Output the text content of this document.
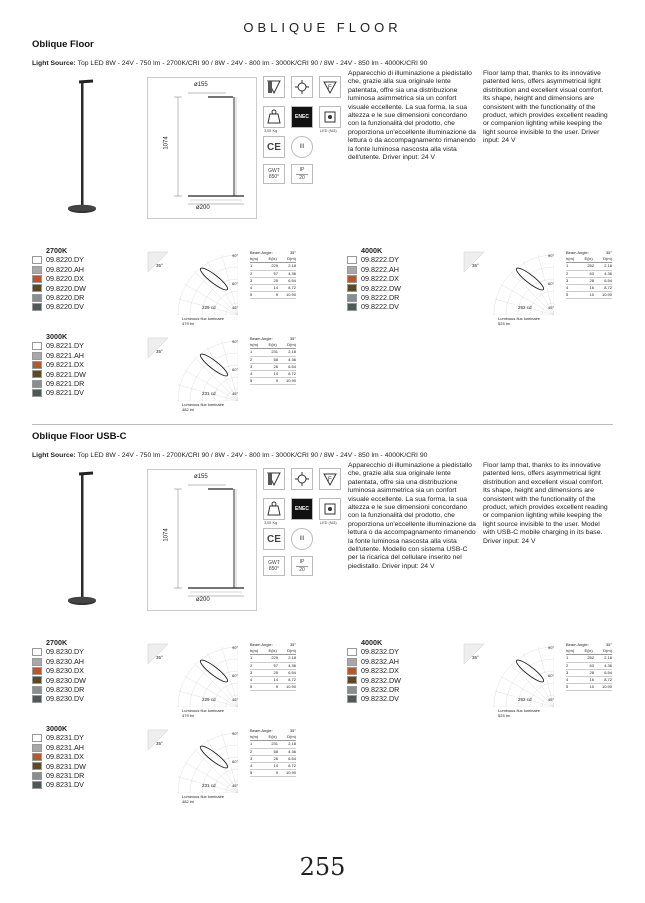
OBLIQUE FLOOR
Oblique Floor
Light Source: Top LED 8W - 24V - 750 lm - 2700K/CRI 90 / 8W - 24V - 800 lm - 3000K/CRI 90 / 8W - 24V - 850 lm - 4000K/CRI 90
ø155
1074
ø200
F
ENEC
CE	III
3,05 Kg	LED (Ni3)
GWT
850°
IP
20
Apparecchio di illuminazione a piedistallo che, grazie alla sua originale lente patentata, offre sia una distribuzione luminosa asimmetrica sia un confort visuale eccellente. La sua forma, la sua altezza e le sue dimensioni concordano con la funzionalità del prodotto, che proporziona un'eccellente illuminazione da lettura o da accompagnamento rimanendo la fonte luminosa nascosta alla vista dell'utente. Driver input: 24 V
Floor lamp that, thanks to its innovative patented lens, offers asymmetrical light distribution and excellent visual comfort. Its shape, height and dimensions are consistent with the functionality of the product, which provides excellent reading or companion lighting while keeping the light source invisible to the user. Driver input: 24 V
2700K
09.8220.DY
09.8220.AH
09.8220.DX
09.8220.DW
09.8220.DR
09.8220.DV
35°
90°
60°
45°
229 cd
Luminous flux luminaire
479 lm
Beam Angle:	35°
h(m)	E(lx)	D(m)
1	229	2.18
2	57	4.36
3	25	6.54
4	14	8.72
5	9 10.90
4000K
09.8222.DY
09.8222.AH
09.8222.DX
09.8222.DW
09.8222.DR
09.8222.DV
35°
90°
60°
45°
252 cd
Luminous flux luminaire
525 lm
Beam Angle:	35°
h(m)	E(lx)	D(m)
1	252	2.18
2	63	4.36
3	28	6.54
4	16	8.72
5	10 10.90
3000K
09.8221.DY
09.8221.AH
09.8221.DX
09.8221.DW
09.8221.DR
09.8221.DV
35°
90°
60°
45°
231 cd
Luminous flux luminaire
482 lm
Beam Angle:	35°
h(m)	E(lx)	D(m)
1	231	2.18
2	58	4.36
3	26	6.54
4	14	8.72
5	9 10.90
Oblique Floor USB-C
Light Source: Top LED 8W - 24V - 750 lm - 2700K/CRI 90 / 8W - 24V - 800 lm - 3000K/CRI 90 / 8W - 24V - 850 lm - 4000K/CRI 90
ø155
1074
ø200
F
ENEC
CE	III
3,05 Kg	LED (Ni3)
GWT
850°
IP
20
Apparecchio di illuminazione a piedistallo che, grazie alla sua originale lente patentata, offre sia una distribuzione luminosa asimmetrica sia un confort visuale eccellente. La sua forma, la sua altezza e le sue dimensioni concordano con la funzionalità del prodotto, che proporziona un'eccellente illuminazione da lettura o da accompagnamento rimanendo la fonte luminosa nascosta alla vista dell'utente. Modello con sistema USB-C per la ricarica del cellulare inserito nel piedistallo. Driver input: 24 V
Floor lamp that, thanks to its innovative patented lens, offers asymmetrical light distribution and excellent visual comfort. Its shape, height and dimensions are consistent with the functionality of the product, which provides excellent reading or companion lighting while keeping the light source invisible to the user. Model with USB-C mobile charging in its base. Driver input: 24 V
2700K
09.8230.DY
09.8230.AH
09.8230.DX
09.8230.DW
09.8230.DR
09.8230.DV
35°
90°
60°
45°
229 cd
Luminous flux luminaire
479 lm
Beam Angle:	35°
h(m)	E(lx)	D(m)
1	229	2.18
2	57	4.36
3	25	6.54
4	14	8.72
5	9 10.90
4000K
09.8232.DY
09.8232.AH
09.8232.DX
09.8232.DW
09.8232.DR
09.8232.DV
35°
90°
60°
45°
252 cd
Luminous flux luminaire
525 lm
Beam Angle:	35°
h(m)	E(lx)	D(m)
1	252	2.18
2	63	4.36
3	28	6.54
4	16	8.72
5	10 10.90
3000K
09.8231.DY
09.8231.AH
09.8231.DX
09.8231.DW
09.8231.DR
09.8231.DV
35°
90°
60°
45°
231 cd
Luminous flux luminaire
482 lm
Beam Angle:	35°
h(m)	E(lx)	D(m)
1	231	2.18
2	58	4.36
3	26	6.54
4	14	8.72
5	9 10.90
255
